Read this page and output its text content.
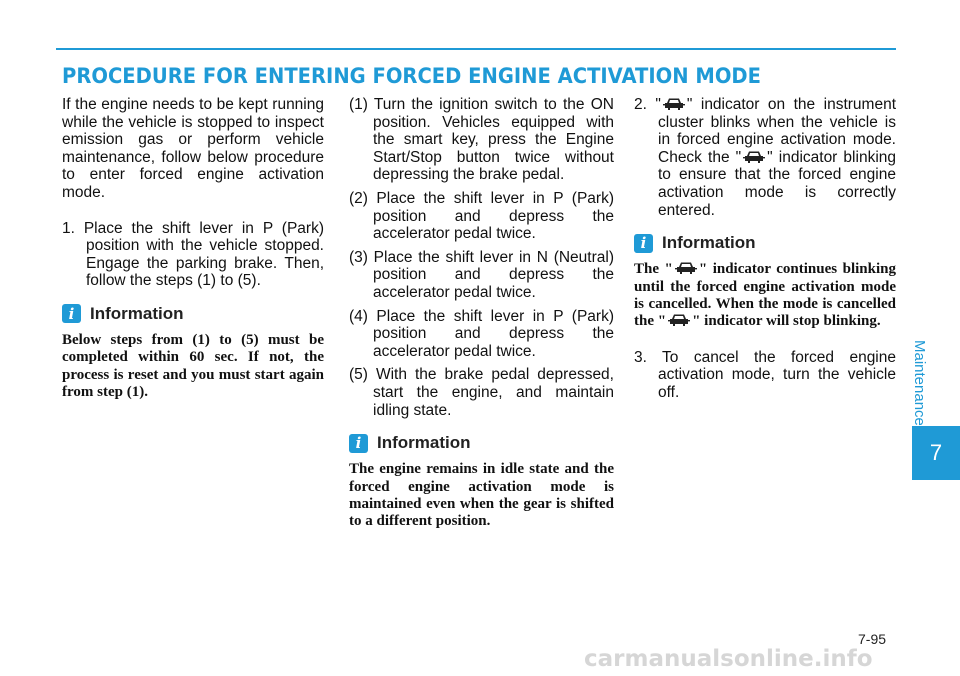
PROCEDURE FOR ENTERING FORCED ENGINE ACTIVATION MODE

If the engine needs to be kept running while the vehicle is stopped to inspect emission gas or perform vehicle maintenance, follow below procedure to enter forced engine activation mode.

1. Place the shift lever in P (Park) position with the vehicle stopped. Engage the parking brake. Then, follow the steps (1) to (5).

i Information

Below steps from (1) to (5) must be completed within 60 sec. If not, the process is reset and you must start again from step (1).

(1) Turn the ignition switch to the ON position. Vehicles equipped with the smart key, press the Engine Start/Stop button twice without depressing the brake pedal.

(2) Place the shift lever in P (Park) position and depress the accelerator pedal twice.

(3) Place the shift lever in N (Neutral) position and depress the accelerator pedal twice.

(4) Place the shift lever in P (Park) position and depress the accelerator pedal twice.

(5) With the brake pedal depressed, start the engine, and maintain idling state.

i Information

The engine remains in idle state and the forced engine activation mode is maintained even when the gear is shifted to a different position.

2. " " indicator on the instrument cluster blinks when the vehicle is in forced engine activation mode. Check the " " indicator blinking to ensure that the forced engine activation mode is correctly entered.

i Information

The " " indicator continues blinking until the forced engine activation mode is cancelled. When the mode is cancelled the " " indicator will stop blinking.

3. To cancel the forced engine activation mode, turn the vehicle off.	Maintenance
7
7-95
carmanualsonline.info
